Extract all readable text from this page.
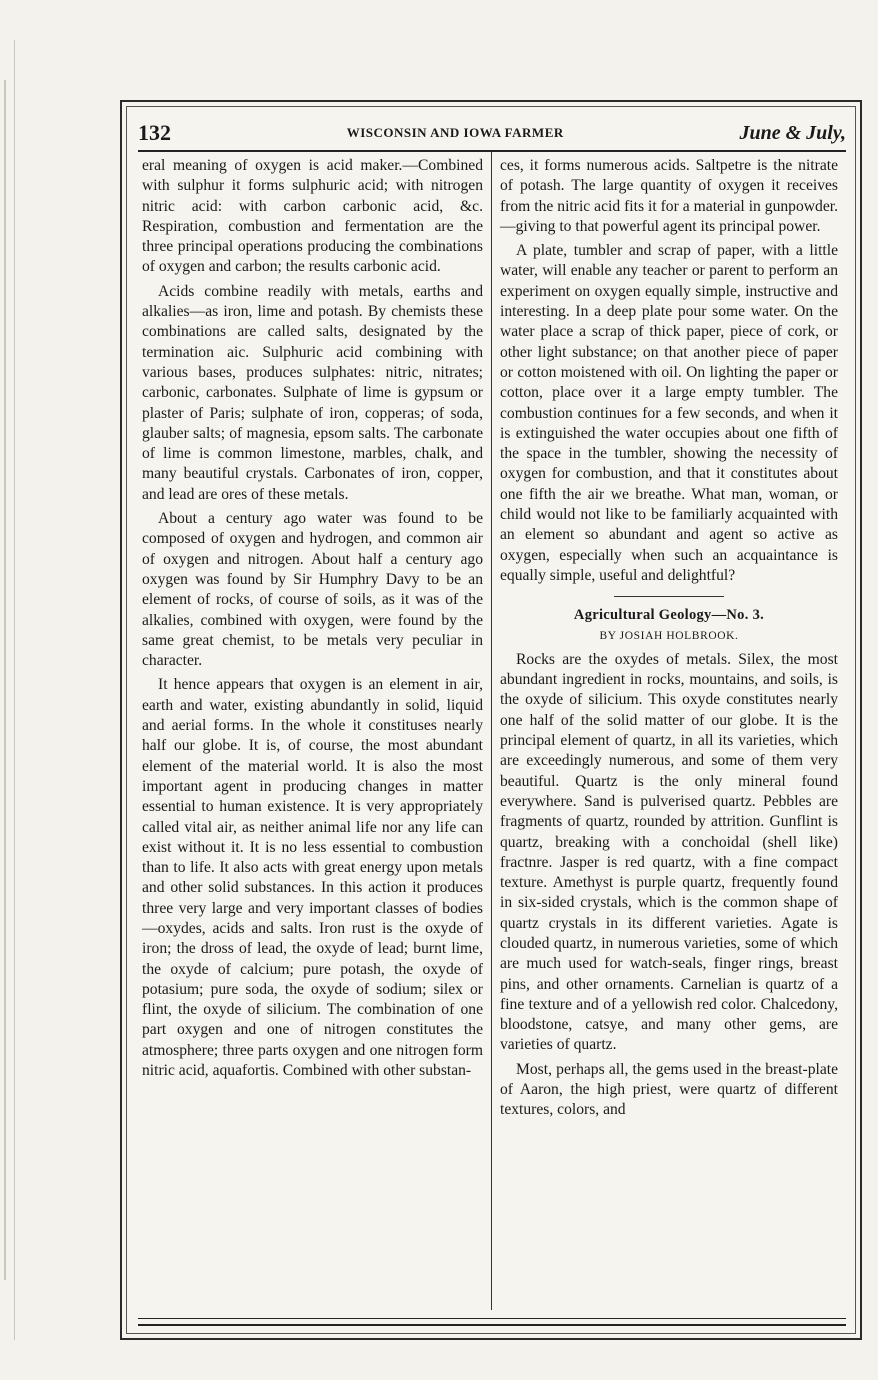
132	WISCONSIN AND IOWA FARMER	June & July,

eral meaning of oxygen is acid maker.—Combined with sulphur it forms sulphuric acid; with nitrogen nitric acid: with carbon carbonic acid, &c. Respiration, combustion and fermentation are the three principal operations producing the combinations of oxygen and carbon; the results carbonic acid.

Acids combine readily with metals, earths and alkalies—as iron, lime and potash. By chemists these combinations are called salts, designated by the termination aic. Sulphuric acid combining with various bases, produces sulphates: nitric, nitrates; carbonic, carbonates. Sulphate of lime is gypsum or plaster of Paris; sulphate of iron, copperas; of soda, glauber salts; of magnesia, epsom salts. The carbonate of lime is common limestone, marbles, chalk, and many beautiful crystals. Carbonates of iron, copper, and lead are ores of these metals.

About a century ago water was found to be composed of oxygen and hydrogen, and common air of oxygen and nitrogen. About half a century ago oxygen was found by Sir Humphry Davy to be an element of rocks, of course of soils, as it was of the alkalies, combined with oxygen, were found by the same great chemist, to be metals very peculiar in character.

It hence appears that oxygen is an element in air, earth and water, existing abundantly in solid, liquid and aerial forms. In the whole it constituses nearly half our globe. It is, of course, the most abundant element of the material world. It is also the most important agent in producing changes in matter essential to human existence. It is very appropriately called vital air, as neither animal life nor any life can exist without it. It is no less essential to combustion than to life. It also acts with great energy upon metals and other solid substances. In this action it produces three very large and very important classes of bodies—oxydes, acids and salts. Iron rust is the oxyde of iron; the dross of lead, the oxyde of lead; burnt lime, the oxyde of calcium; pure potash, the oxyde of potasium; pure soda, the oxyde of sodium; silex or flint, the oxyde of silicium. The combination of one part oxygen and one of nitrogen constitutes the atmosphere; three parts oxygen and one nitrogen form nitric acid, aquafortis. Combined with other substan-

ces, it forms numerous acids. Saltpetre is the nitrate of potash. The large quantity of oxygen it receives from the nitric acid fits it for a material in gunpowder.—giving to that powerful agent its principal power.

A plate, tumbler and scrap of paper, with a little water, will enable any teacher or parent to perform an experiment on oxygen equally simple, instructive and interesting. In a deep plate pour some water. On the water place a scrap of thick paper, piece of cork, or other light substance; on that another piece of paper or cotton moistened with oil. On lighting the paper or cotton, place over it a large empty tumbler. The combustion continues for a few seconds, and when it is extinguished the water occupies about one fifth of the space in the tumbler, showing the necessity of oxygen for combustion, and that it constitutes about one fifth the air we breathe. What man, woman, or child would not like to be familiarly acquainted with an element so abundant and agent so active as oxygen, especially when such an acquaintance is equally simple, useful and delightful?

Agricultural Geology—No. 3.
BY JOSIAH HOLBROOK.

Rocks are the oxydes of metals. Silex, the most abundant ingredient in rocks, mountains, and soils, is the oxyde of silicium. This oxyde constitutes nearly one half of the solid matter of our globe. It is the principal element of quartz, in all its varieties, which are exceedingly numerous, and some of them very beautiful. Quartz is the only mineral found everywhere. Sand is pulverised quartz. Pebbles are fragments of quartz, rounded by attrition. Gunflint is quartz, breaking with a conchoidal (shell like) fractnre. Jasper is red quartz, with a fine compact texture. Amethyst is purple quartz, frequently found in six-sided crystals, which is the common shape of quartz crystals in its different varieties. Agate is clouded quartz, in numerous varieties, some of which are much used for watch-seals, finger rings, breast pins, and other ornaments. Carnelian is quartz of a fine texture and of a yellowish red color. Chalcedony, bloodstone, catsye, and many other gems, are varieties of quartz.

Most, perhaps all, the gems used in the breast-plate of Aaron, the high priest, were quartz of different textures, colors, and
